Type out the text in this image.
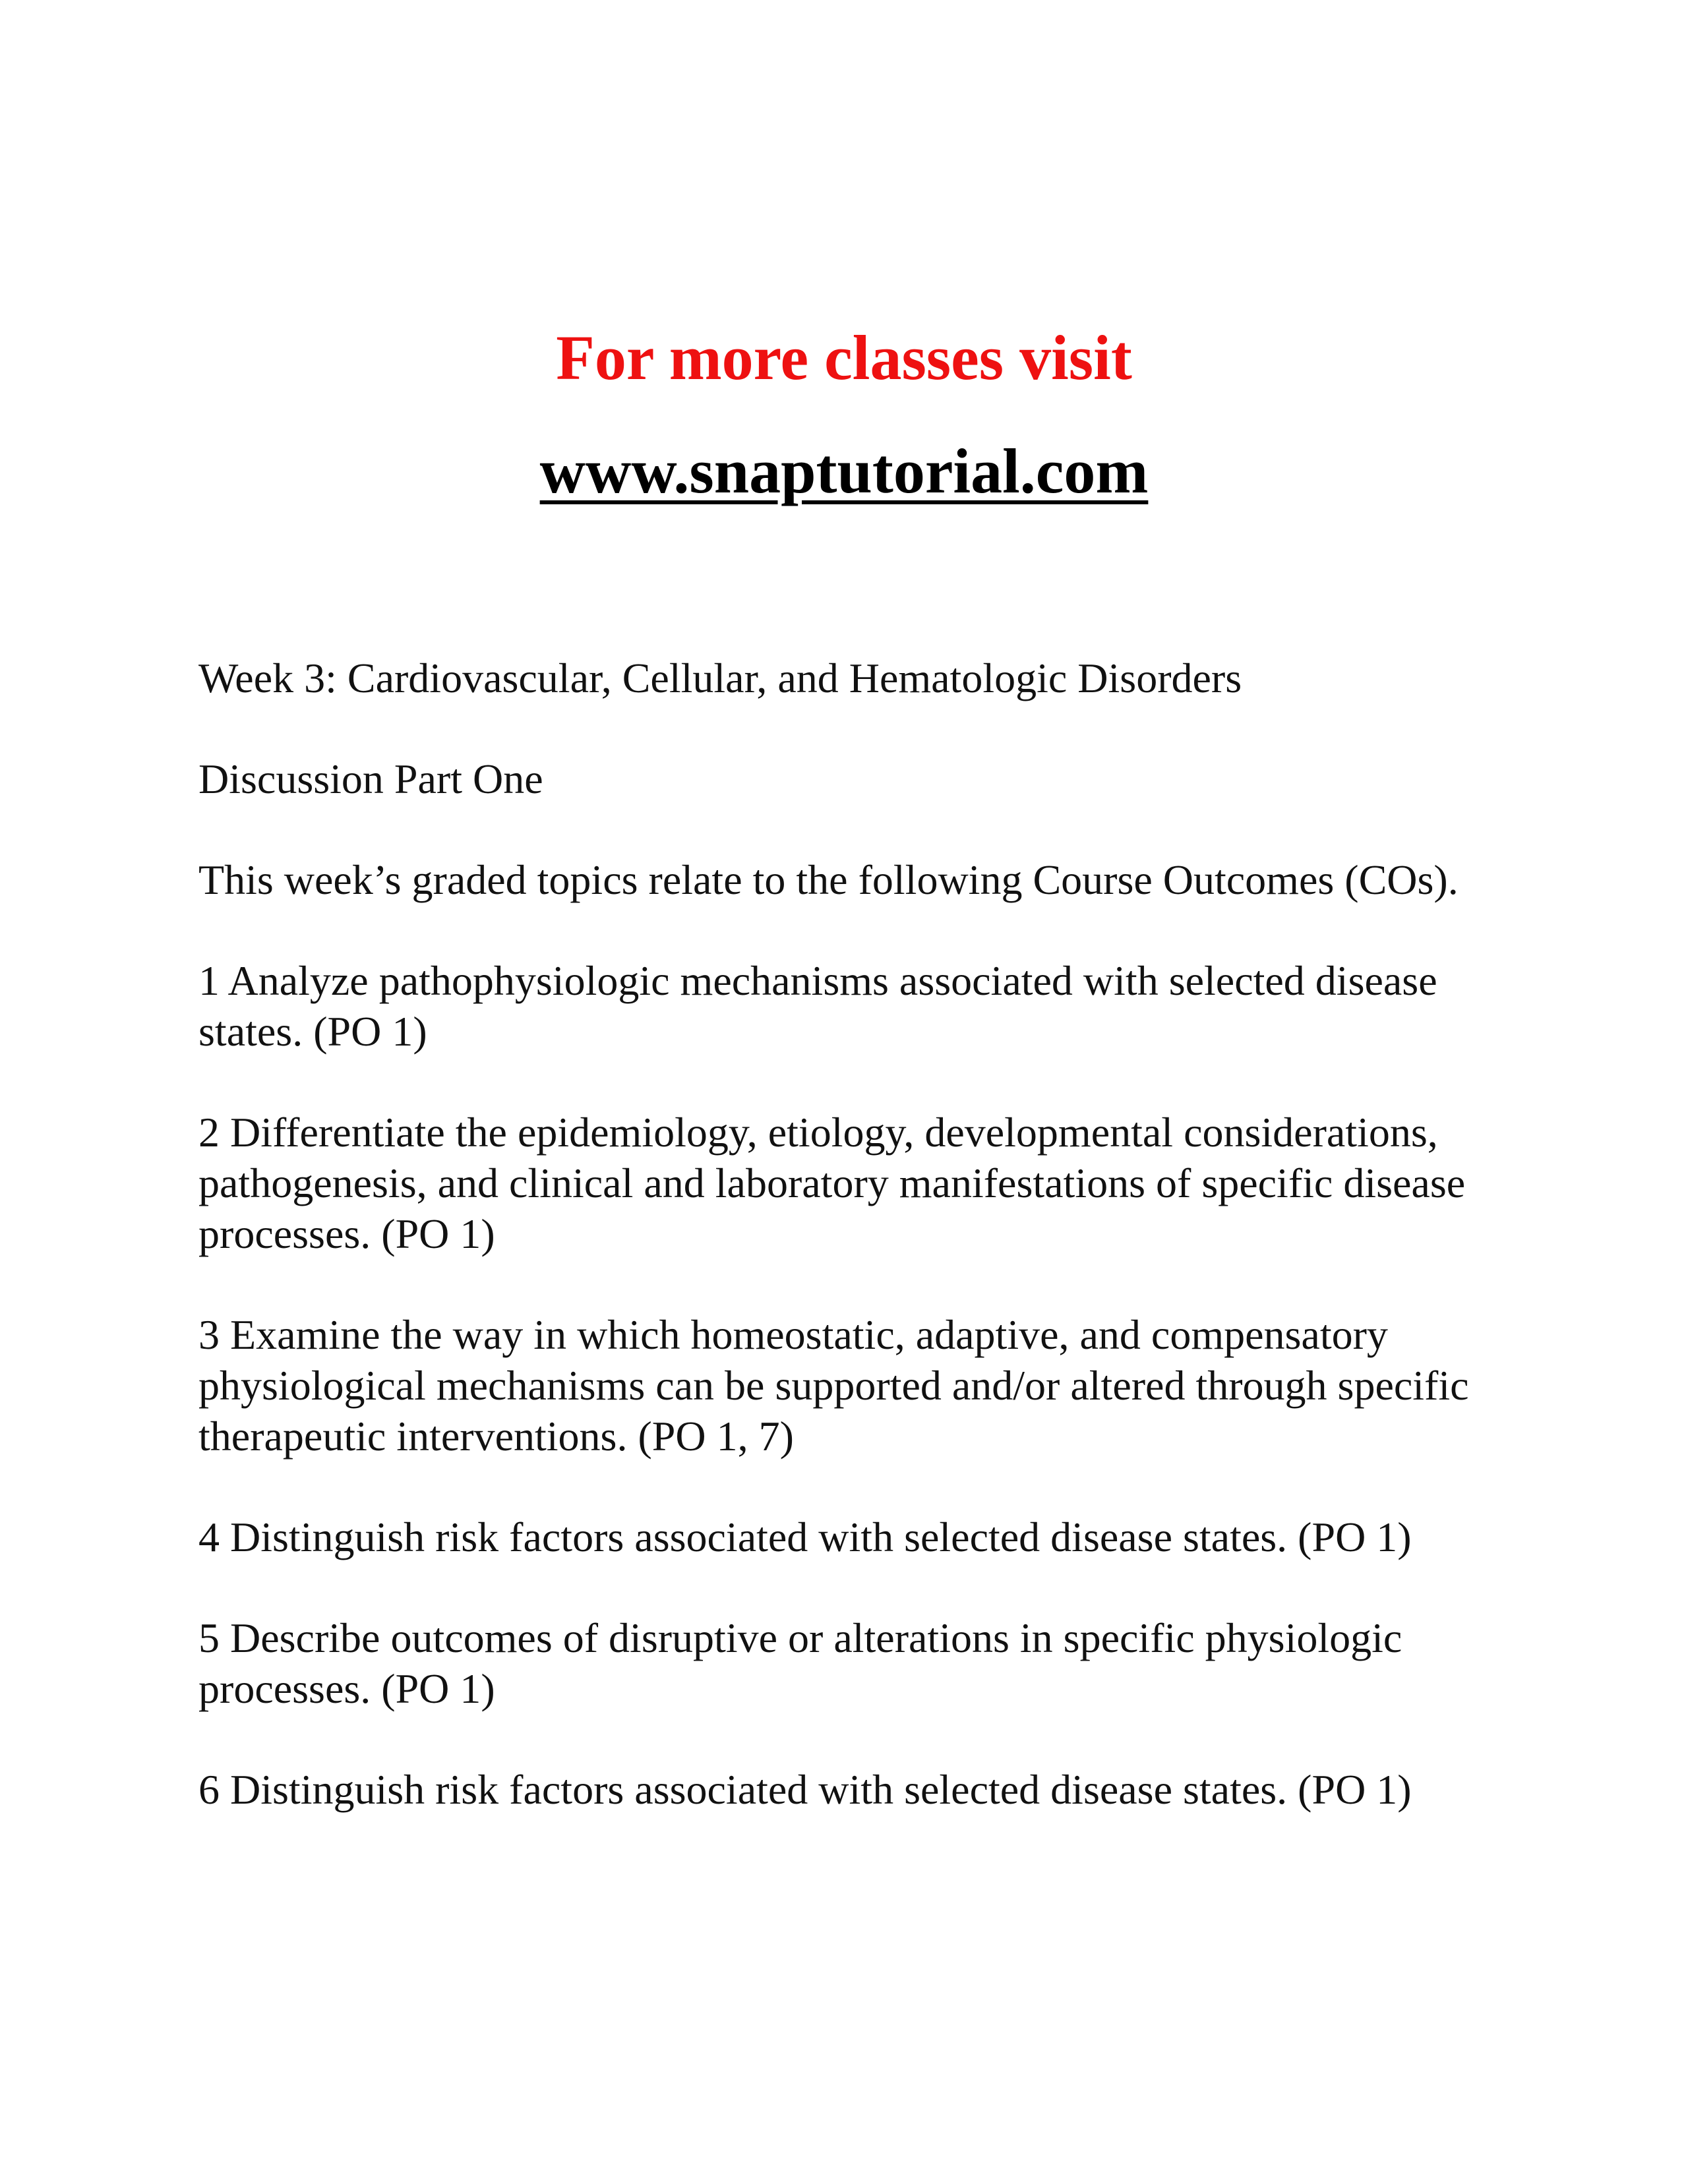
For more classes visit
www.snaptutorial.com

Week 3: Cardiovascular, Cellular, and Hematologic Disorders

Discussion Part One

This week’s graded topics relate to the following Course Outcomes (COs).

1 Analyze pathophysiologic mechanisms associated with selected disease states. (PO 1)

2 Differentiate the epidemiology, etiology, developmental considerations, pathogenesis, and clinical and laboratory manifestations of specific disease processes. (PO 1)

3 Examine the way in which homeostatic, adaptive, and compensatory physiological mechanisms can be supported and/or altered through specific therapeutic interventions. (PO 1, 7)

4 Distinguish risk factors associated with selected disease states. (PO 1)

5 Describe outcomes of disruptive or alterations in specific physiologic processes. (PO 1)

6 Distinguish risk factors associated with selected disease states. (PO 1)
